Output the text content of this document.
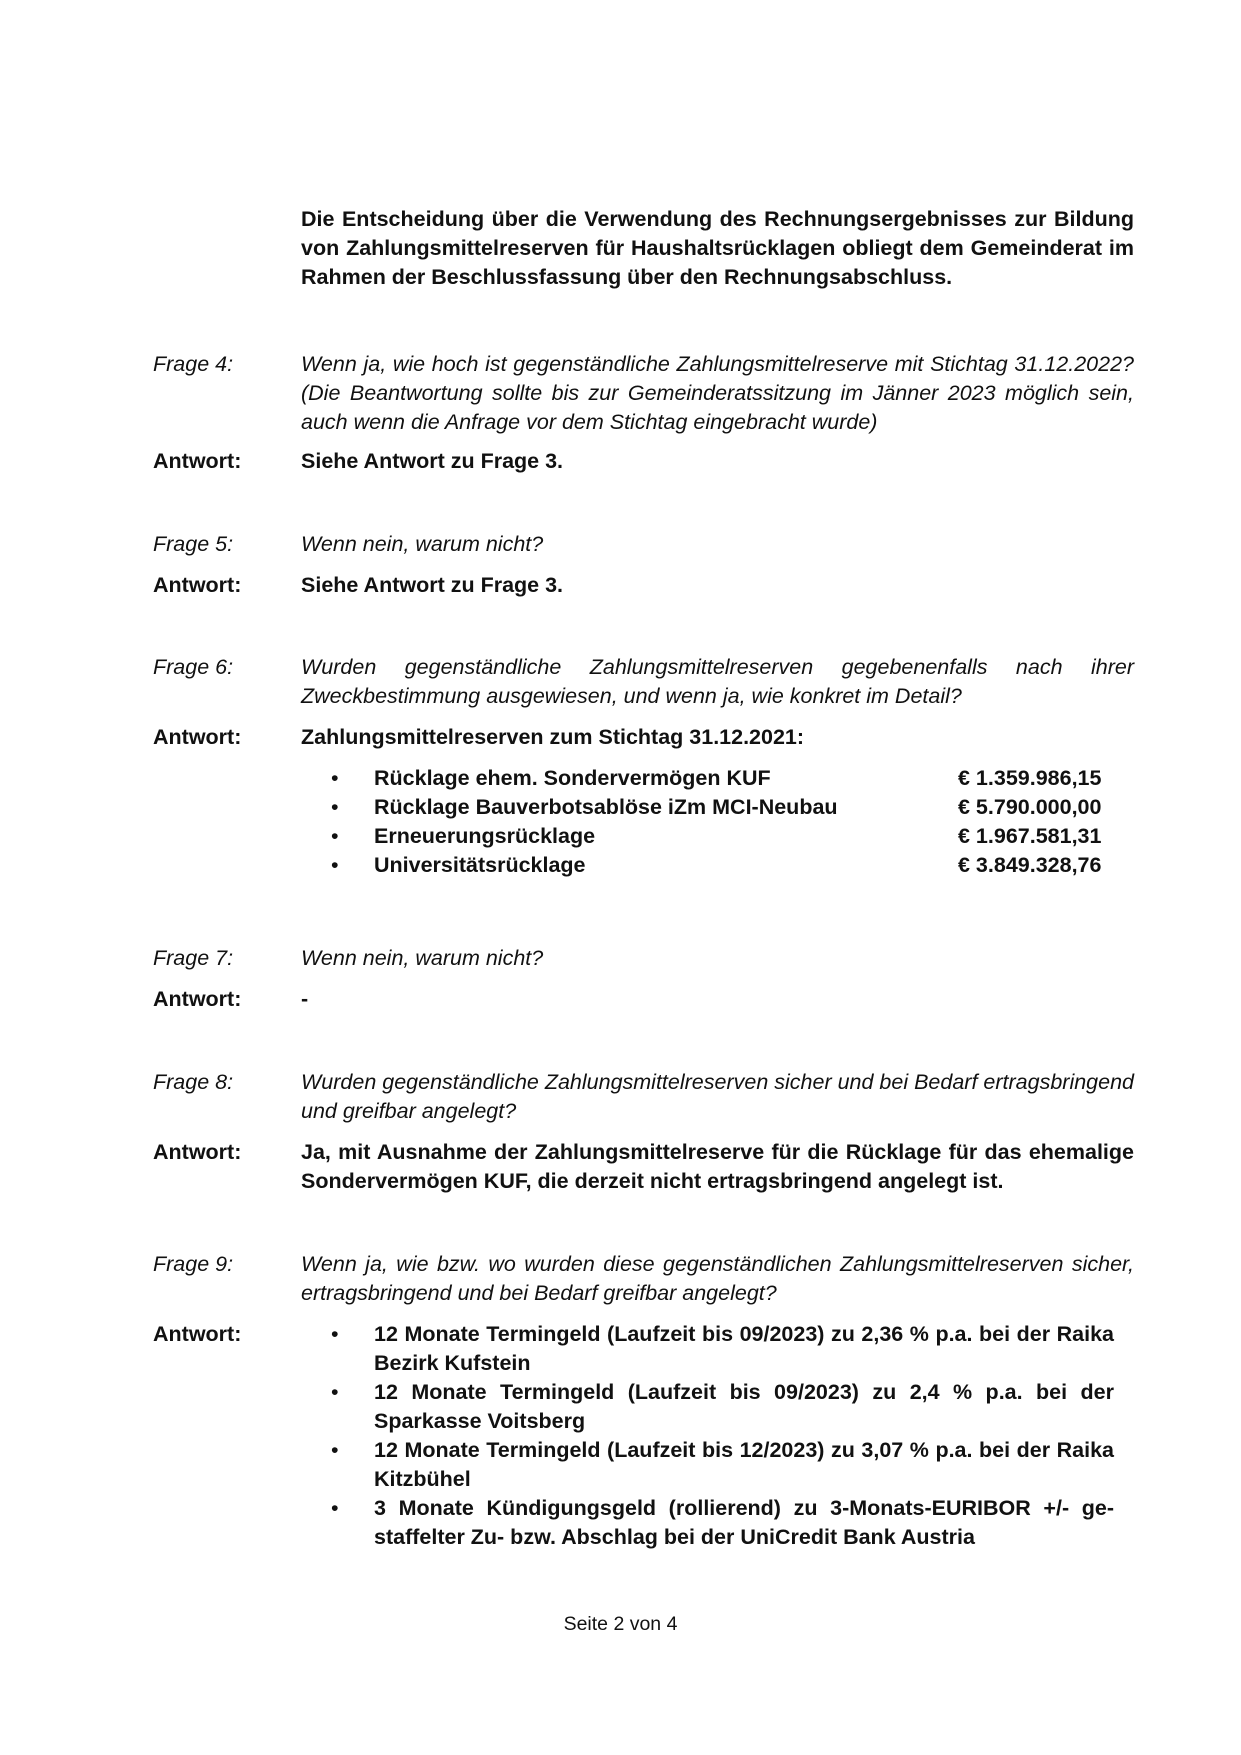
Die Entscheidung über die Verwendung des Rechnungsergebnisses zur Bildung von Zahlungsmittelreserven für Haushaltsrücklagen obliegt dem Gemeinderat im Rahmen der Beschlussfassung über den Rechnungsabschluss.
Frage 4:	Wenn ja, wie hoch ist gegenständliche Zahlungsmittelreserve mit Stichtag 31.12.2022? (Die Beantwortung sollte bis zur Gemeinderatssitzung im Jänner 2023 möglich sein, auch wenn die Anfrage vor dem Stichtag eingebracht wurde)
Antwort:	Siehe Antwort zu Frage 3.
Frage 5:	Wenn nein, warum nicht?
Antwort:	Siehe Antwort zu Frage 3.
Frage 6:	Wurden gegenständliche Zahlungsmittelreserven gegebenenfalls nach ihrer Zweckbestimmung ausgewiesen, und wenn ja, wie konkret im Detail?
Antwort:	Zahlungsmittelreserven zum Stichtag 31.12.2021:
• Rücklage ehem. Sondervermögen KUF	€ 1.359.986,15
• Rücklage Bauverbotsablöse iZm MCI-Neubau	€ 5.790.000,00
• Erneuerungsrücklage	€ 1.967.581,31
• Universitätsrücklage	€ 3.849.328,76
Frage 7:	Wenn nein, warum nicht?
Antwort:	-
Frage 8:	Wurden gegenständliche Zahlungsmittelreserven sicher und bei Bedarf ertragsbringend und greifbar angelegt?
Antwort:	Ja, mit Ausnahme der Zahlungsmittelreserve für die Rücklage für das ehemalige Sondervermögen KUF, die derzeit nicht ertragsbringend angelegt ist.
Frage 9:	Wenn ja, wie bzw. wo wurden diese gegenständlichen Zahlungsmittelreserven sicher, ertragsbringend und bei Bedarf greifbar angelegt?
Antwort:	• 12 Monate Termingeld (Laufzeit bis 09/2023) zu 2,36 % p.a. bei der Raika Bezirk Kufstein
• 12 Monate Termingeld (Laufzeit bis 09/2023) zu 2,4 % p.a. bei der Sparkasse Voitsberg
• 12 Monate Termingeld (Laufzeit bis 12/2023) zu 3,07 % p.a. bei der Raika Kitzbühel
• 3 Monate Kündigungsgeld (rollierend) zu 3-Monats-EURIBOR +/- gestaffelter Zu- bzw. Abschlag bei der UniCredit Bank Austria
Seite 2 von 4
